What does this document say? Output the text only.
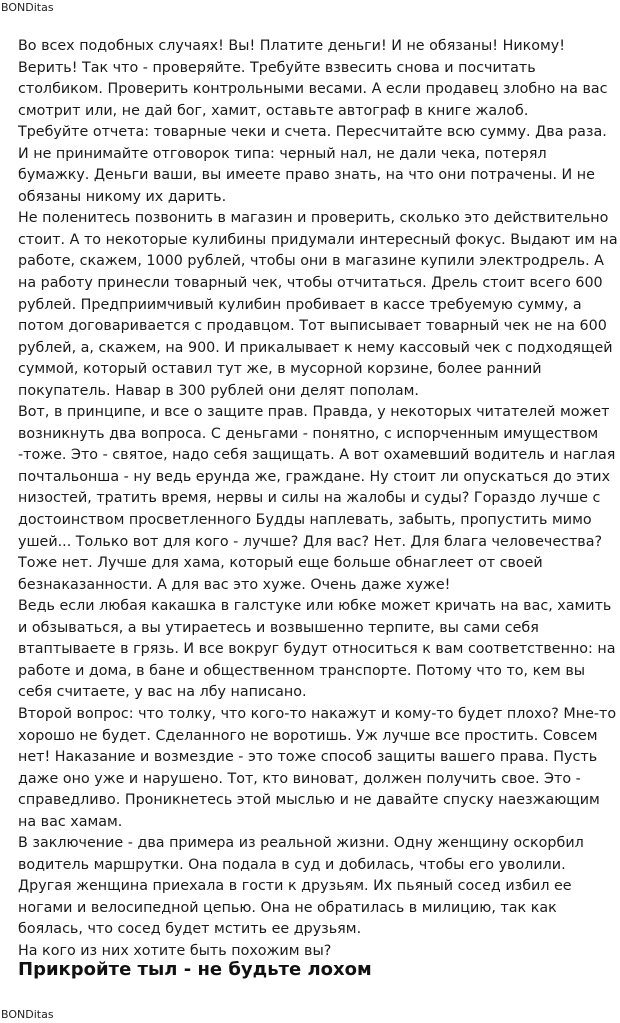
BONDitas

Во всех подобных случаях! Вы! Платите деньги! И не обязаны! Никому! Верить! Так что - проверяйте. Требуйте взвесить снова и посчитать столбиком. Проверить контрольными весами. А если продавец злобно на вас смотрит или, не дай бог, хамит, оставьте автограф в книге жалоб.

Требуйте отчета: товарные чеки и счета. Пересчитайте всю сумму. Два раза. И не принимайте отговорок типа: черный нал, не дали чека, потерял бумажку. Деньги ваши, вы имеете право знать, на что они потрачены. И не обязаны никому их дарить.

Не поленитесь позвонить в магазин и проверить, сколько это действительно стоит. А то некоторые кулибины придумали интересный фокус. Выдают им на работе, скажем, 1000 рублей, чтобы они в магазине купили электродрель. А на работу принесли товарный чек, чтобы отчитаться. Дрель стоит всего 600 рублей. Предприимчивый кулибин пробивает в кассе требуемую сумму, а потом договаривается с продавцом. Тот выписывает товарный чек не на 600 рублей, а, скажем, на 900. И прикалывает к нему кассовый чек с подходящей суммой, который оставил тут же, в мусорной корзине, более ранний покупатель. Навар в 300 рублей они делят пополам.

Вот, в принципе, и все о защите прав. Правда, у некоторых читателей может возникнуть два вопроса. С деньгами - понятно, с испорченным имуществом -тоже. Это - святое, надо себя защищать. А вот охамевший водитель и наглая почтальонша - ну ведь ерунда же, граждане. Ну стоит ли опускаться до этих низостей, тратить время, нервы и силы на жалобы и суды? Гораздо лучше с достоинством просветленного Будды наплевать, забыть, пропустить мимо ушей... Только вот для кого - лучше? Для вас? Нет. Для блага человечества? Тоже нет. Лучше для хама, который еще больше обнаглеет от своей безнаказанности. А для вас это хуже. Очень даже хуже!

Ведь если любая какашка в галстуке или юбке может кричать на вас, хамить и обзываться, а вы утираетесь и возвышенно терпите, вы сами себя втаптываете в грязь. И все вокруг будут относиться к вам соответственно: на работе и дома, в бане и общественном транспорте. Потому что то, кем вы себя считаете, у вас на лбу написано.

Второй вопрос: что толку, что кого-то накажут и кому-то будет плохо? Мне-то хорошо не будет. Сделанного не воротишь. Уж лучше все простить. Совсем нет! Наказание и возмездие - это тоже способ защиты вашего права. Пусть даже оно уже и нарушено. Тот, кто виноват, должен получить свое. Это - справедливо. Проникнетесь этой мыслью и не давайте спуску наезжающим на вас хамам.

В заключение - два примера из реальной жизни. Одну женщину оскорбил водитель маршрутки. Она подала в суд и добилась, чтобы его уволили. Другая женщина приехала в гости к друзьям. Их пьяный сосед избил ее ногами и велосипедной цепью. Она не обратилась в милицию, так как боялась, что сосед будет мстить ее друзьям.

На кого из них хотите быть похожим вы?

Прикройте тыл - не будьте лохом
BONDitas
